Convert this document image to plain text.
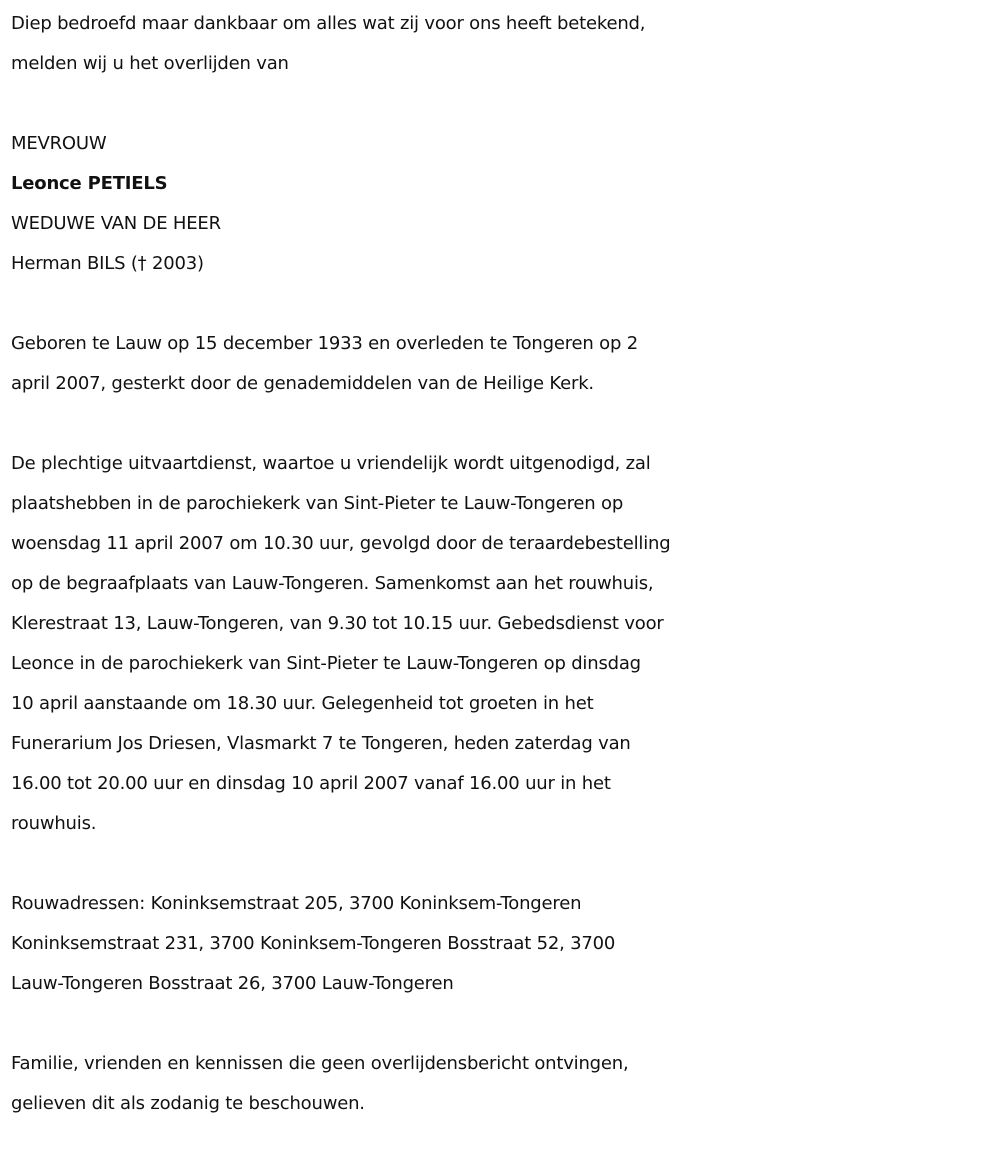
Diep bedroefd maar dankbaar om alles wat zij voor ons heeft betekend,
melden wij u het overlijden van

MEVROUW
Leonce PETIELS
WEDUWE VAN DE HEER
Herman BILS († 2003)

Geboren te Lauw op 15 december 1933 en overleden te Tongeren op 2
april 2007, gesterkt door de genademiddelen van de Heilige Kerk.

De plechtige uitvaartdienst, waartoe u vriendelijk wordt uitgenodigd, zal
plaatshebben in de parochiekerk van Sint-Pieter te Lauw-Tongeren op
woensdag 11 april 2007 om 10.30 uur, gevolgd door de teraardebestelling
op de begraafplaats van Lauw-Tongeren. Samenkomst aan het rouwhuis,
Klerestraat 13, Lauw-Tongeren, van 9.30 tot 10.15 uur. Gebedsdienst voor
Leonce in de parochiekerk van Sint-Pieter te Lauw-Tongeren op dinsdag
10 april aanstaande om 18.30 uur. Gelegenheid tot groeten in het
Funerarium Jos Driesen, Vlasmarkt 7 te Tongeren, heden zaterdag van
16.00 tot 20.00 uur en dinsdag 10 april 2007 vanaf 16.00 uur in het
rouwhuis.

Rouwadressen: Koninksemstraat 205, 3700 Koninksem-Tongeren
Koninksemstraat 231, 3700 Koninksem-Tongeren Bosstraat 52, 3700
Lauw-Tongeren Bosstraat 26, 3700 Lauw-Tongeren

Familie, vrienden en kennissen die geen overlijdensbericht ontvingen,
gelieven dit als zodanig te beschouwen.
